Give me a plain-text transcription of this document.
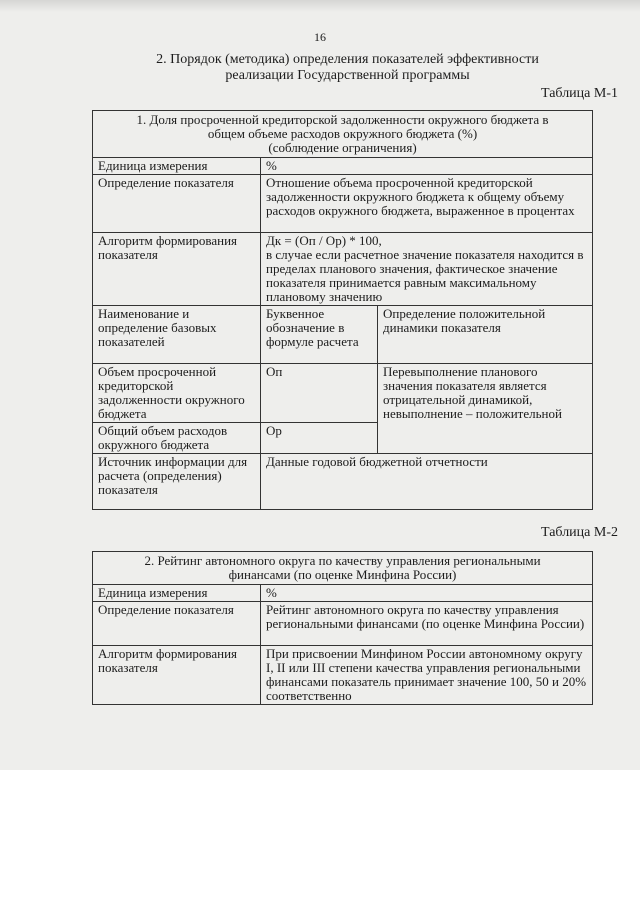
16
2. Порядок (методика) определения показателей эффективности
реализации Государственной программы
Таблица М-1
1. Доля просроченной кредиторской задолженности окружного бюджета в
общем объеме расходов окружного бюджета (%)
(соблюдение ограничения)		

Единица измерения	%	
Определение показателя	Отношение объема просроченной кредиторской задолженности окружного бюджета к общему объему расходов окружного бюджета, выраженное в процентах	
Алгоритм формирования показателя	Дк = (Оп / Ор) * 100,
в случае если расчетное значение показателя находится в пределах планового значения, фактическое значение показателя принимается равным максимальному плановому значению	

Наименование и определение базовых показателей	Буквенное обозначение в формуле расчета	Определение положительной динамики показателя
Объем просроченной кредиторской задолженности окружного бюджета	Оп	Перевыполнение планового значения показателя является отрицательной динамикой, невыполнение – положительной
Общий объем расходов окружного бюджета	Ор	
Источник информации для расчета (определения) показателя	Данные годовой бюджетной отчетности	
Таблица М-2
2. Рейтинг автономного округа по качеству управления региональными
финансами (по оценке Минфина России)	

Единица измерения	%
Определение показателя	Рейтинг автономного округа по качеству управления региональными финансами (по оценке Минфина России)
Алгоритм формирования показателя	При присвоении Минфином России автономному округу I, II или III степени качества управления региональными финансами показатель принимает значение 100, 50 и 20% соответственно
